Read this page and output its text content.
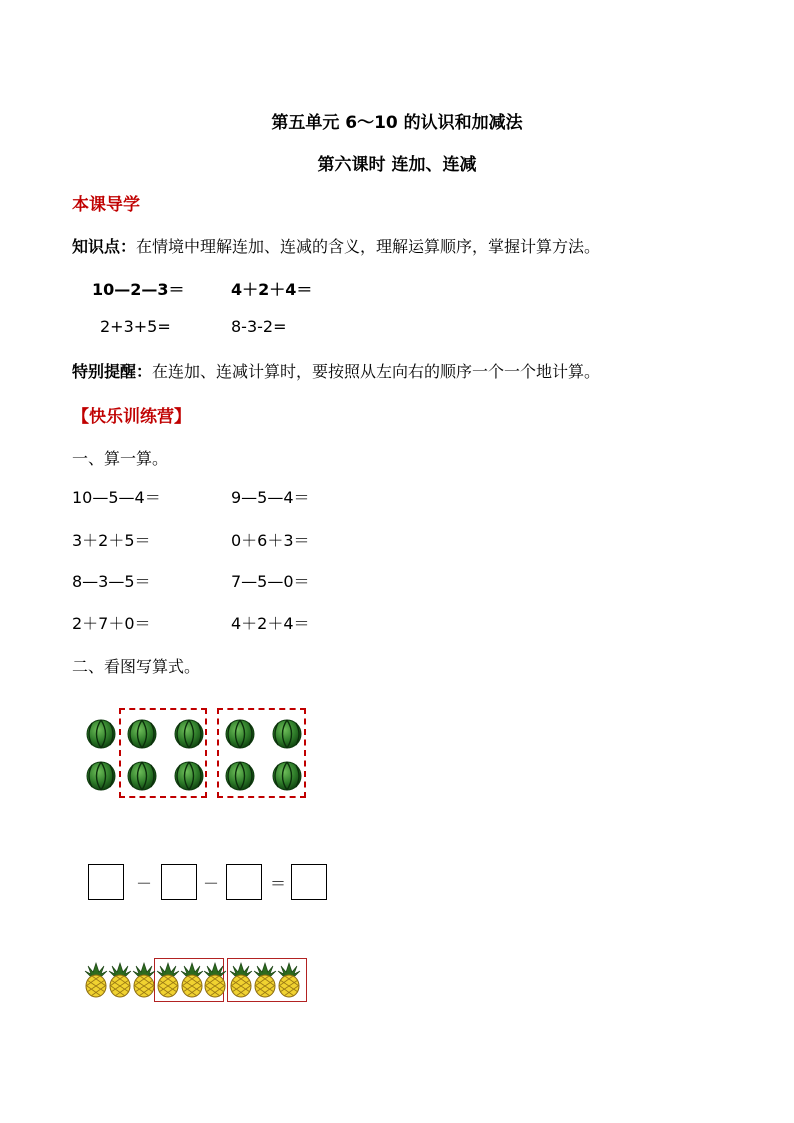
第五单元 6～10 的认识和加减法
第六课时 连加、连减
本课导学
知识点：在情境中理解连加、连减的含义，理解运算顺序，掌握计算方法。
10—2—3＝	4＋2＋4＝
2+3+5=	8-3-2=
特别提醒：在连加、连减计算时，要按照从左向右的顺序一个一个地计算。
【快乐训练营】
一、算一算。
10—5—4＝	9—5—4＝
3＋2＋5＝	0＋6＋3＝
8—3—5＝	7—5—0＝
2＋7＋0＝	4＋2＋4＝
二、看图写算式。
－	－	＝
